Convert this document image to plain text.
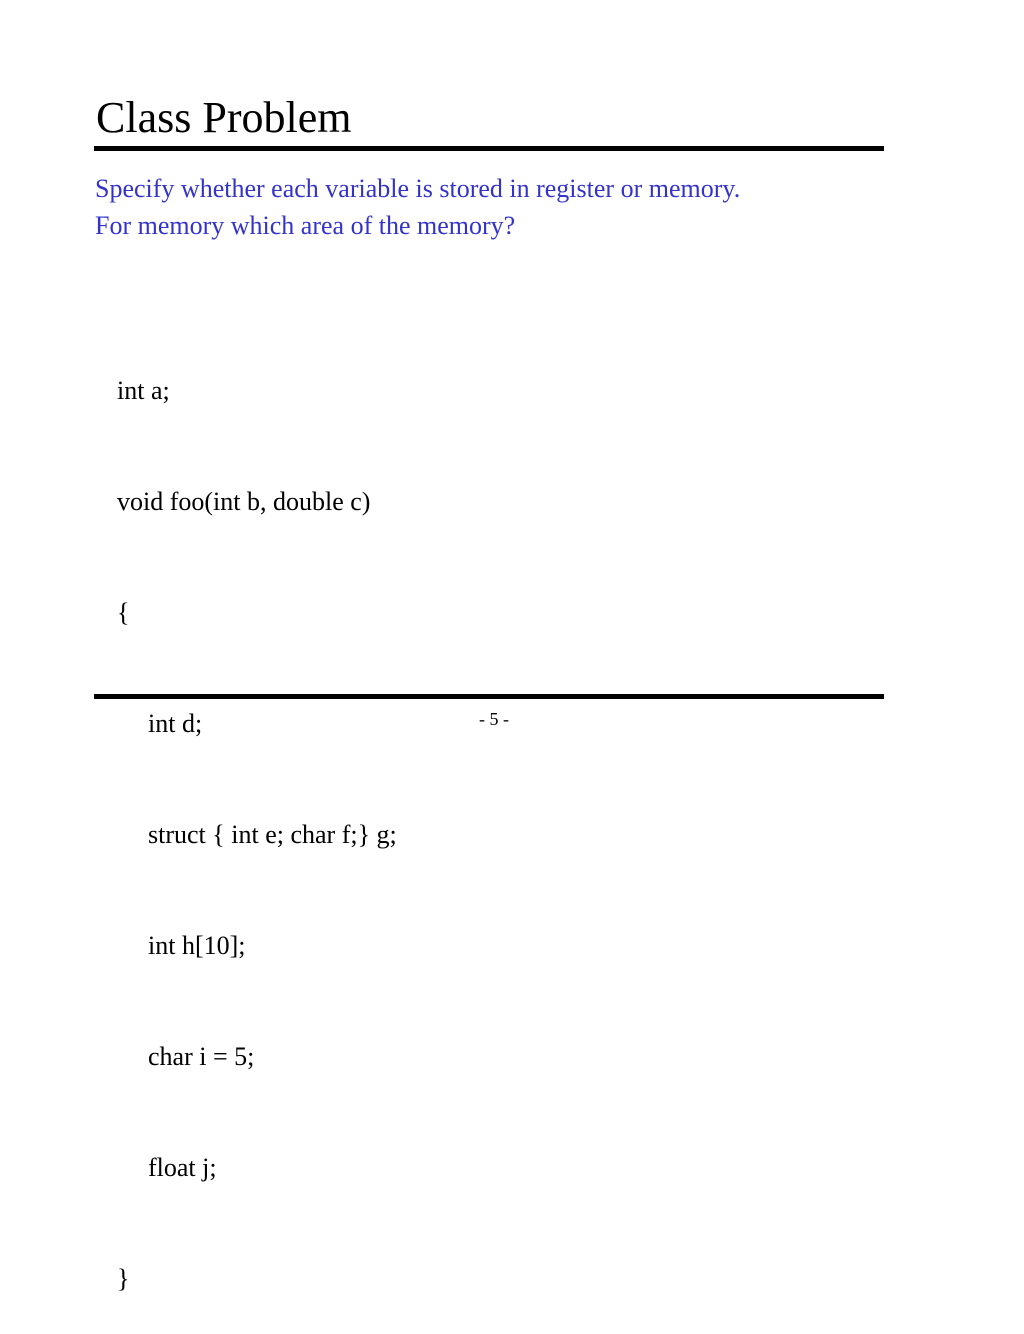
Class Problem
Specify whether each variable is stored in register or memory.
For memory which area of the memory?

int a;

void foo(int b, double c)

{

int d;

struct { int e; char f;} g;

int h[10];

char i = 5;

float j;

}

- 5 -
